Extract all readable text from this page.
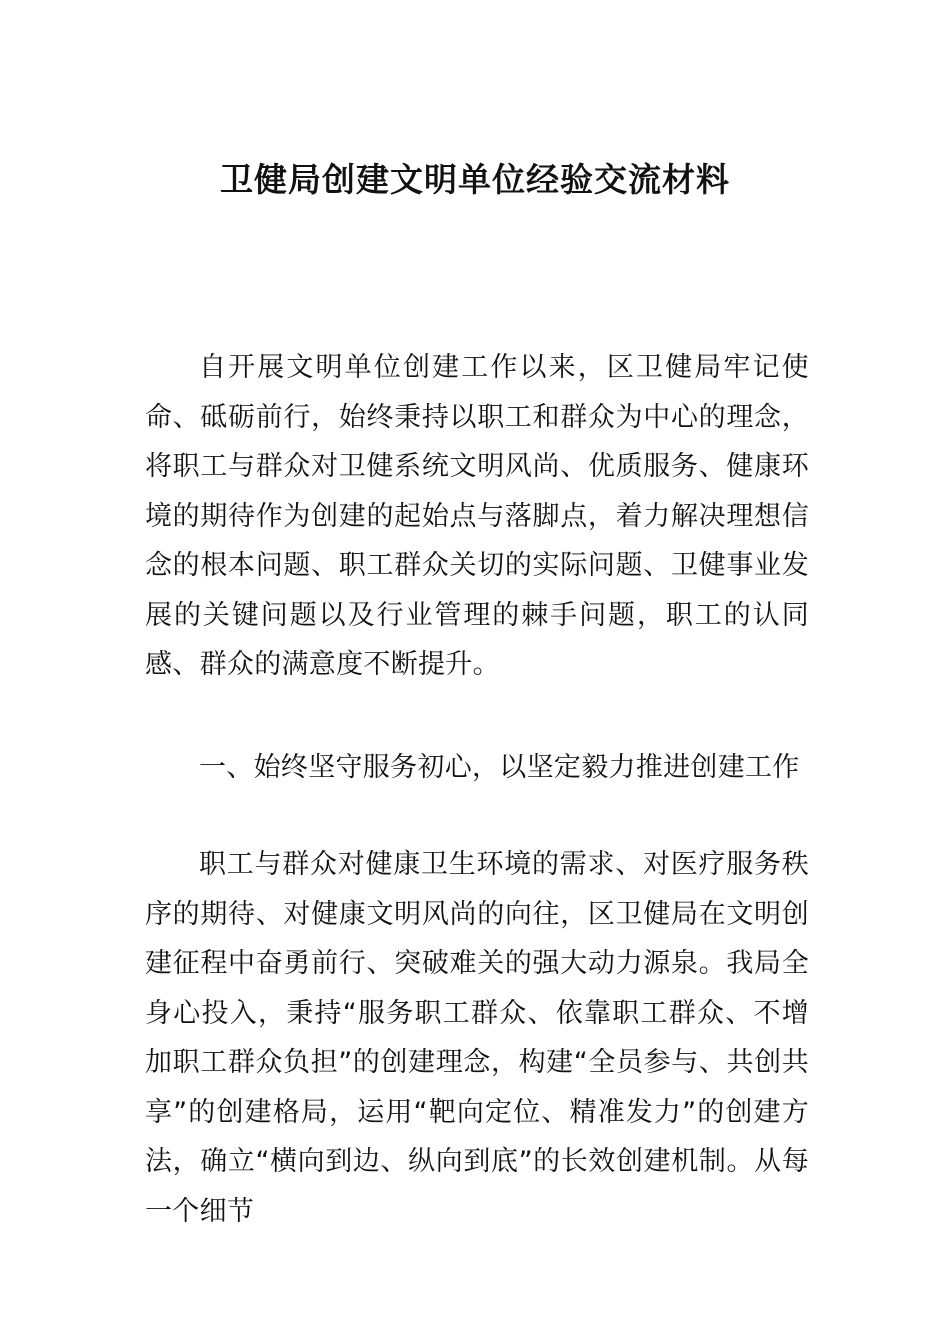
卫健局创建文明单位经验交流材料

自开展文明单位创建工作以来，区卫健局牢记使命、砥砺前行，始终秉持以职工和群众为中心的理念，将职工与群众对卫健系统文明风尚、优质服务、健康环境的期待作为创建的起始点与落脚点，着力解决理想信念的根本问题、职工群众关切的实际问题、卫健事业发展的关键问题以及行业管理的棘手问题，职工的认同感、群众的满意度不断提升。

一、始终坚守服务初心，以坚定毅力推进创建工作

职工与群众对健康卫生环境的需求、对医疗服务秩序的期待、对健康文明风尚的向往，区卫健局在文明创建征程中奋勇前行、突破难关的强大动力源泉。我局全身心投入，秉持“服务职工群众、依靠职工群众、不增加职工群众负担”的创建理念，构建“全员参与、共创共享”的创建格局，运用“靶向定位、精准发力”的创建方法，确立“横向到边、纵向到底”的长效创建机制。从每一个细节
